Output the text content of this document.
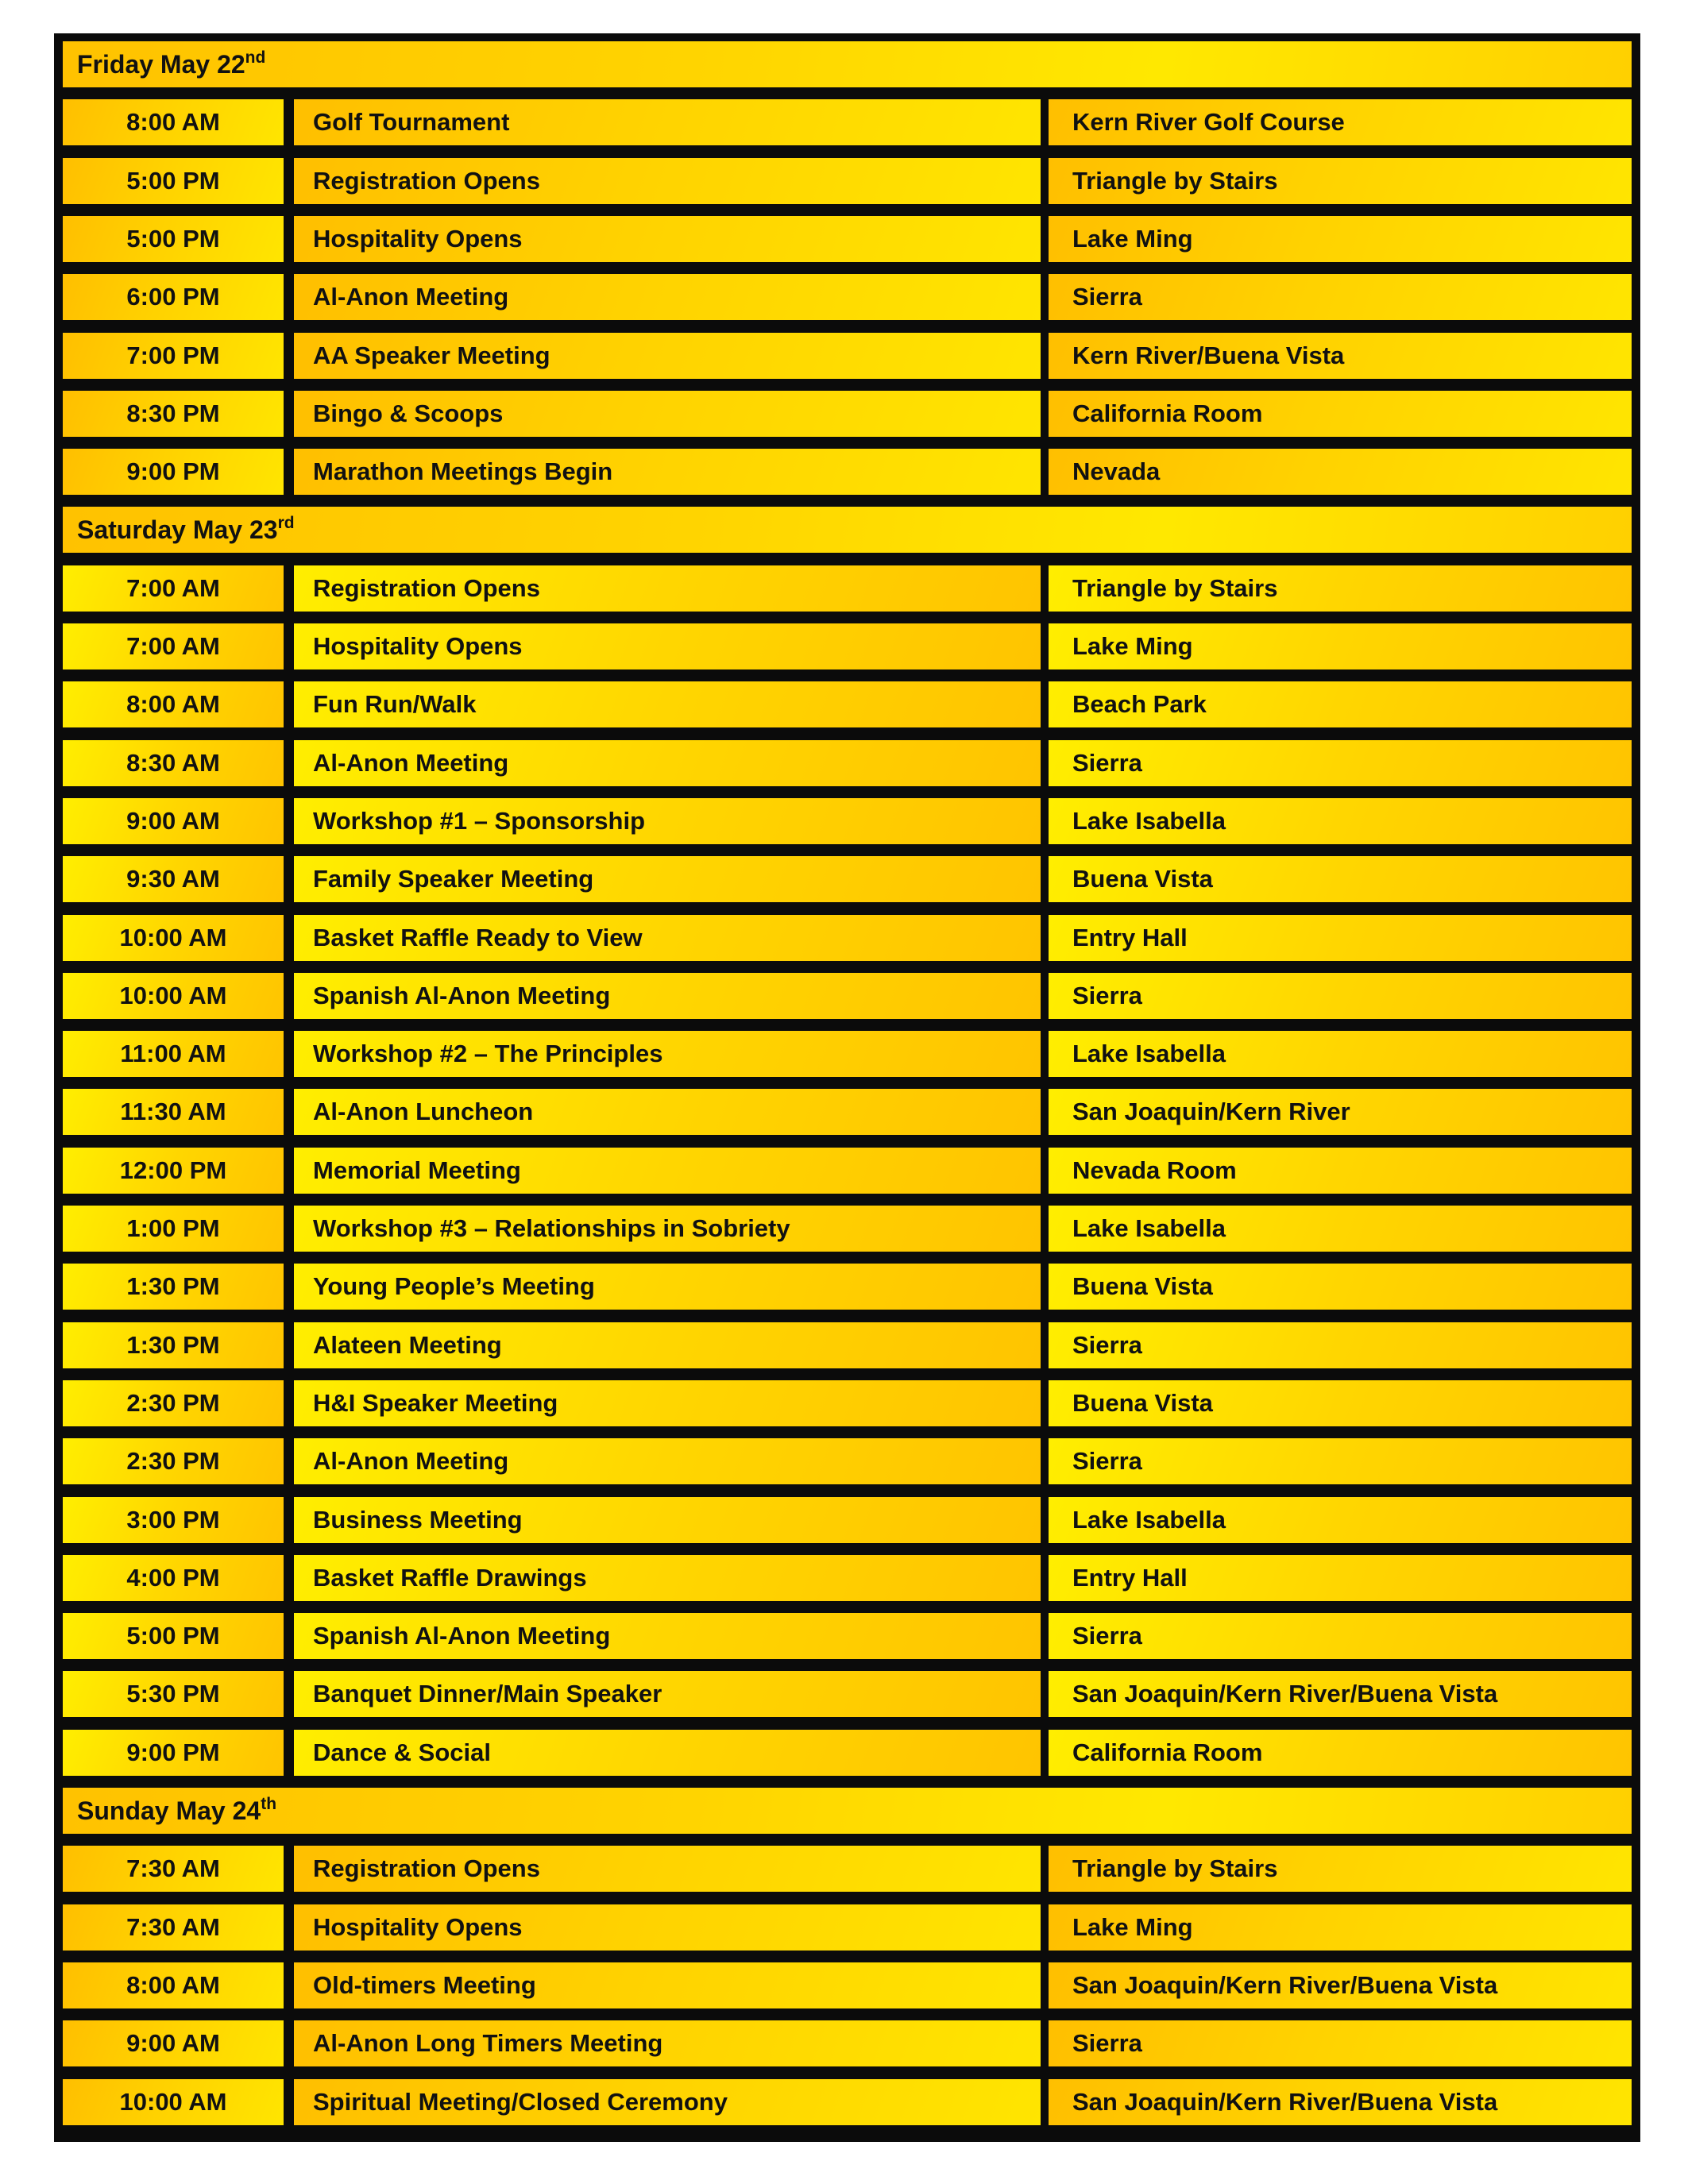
Friday May 22nd
8:00 AM	Golf Tournament	Kern River Golf Course
5:00 PM	Registration Opens	Triangle by Stairs
5:00 PM	Hospitality Opens	Lake Ming
6:00 PM	Al-Anon Meeting	Sierra
7:00 PM	AA Speaker Meeting	Kern River/Buena Vista
8:30 PM	Bingo & Scoops	California Room
9:00 PM	Marathon Meetings Begin	Nevada
Saturday May 23rd
7:00 AM	Registration Opens	Triangle by Stairs
7:00 AM	Hospitality Opens	Lake Ming
8:00 AM	Fun Run/Walk	Beach Park
8:30 AM	Al-Anon Meeting	Sierra
9:00 AM	Workshop #1 – Sponsorship	Lake Isabella
9:30 AM	Family Speaker Meeting	Buena Vista
10:00 AM	Basket Raffle Ready to View	Entry Hall
10:00 AM	Spanish Al-Anon Meeting	Sierra
11:00 AM	Workshop #2 – The Principles	Lake Isabella
11:30 AM	Al-Anon Luncheon	San Joaquin/Kern River
12:00 PM	Memorial Meeting	Nevada Room
1:00 PM	Workshop #3 – Relationships in Sobriety	Lake Isabella
1:30 PM	Young People’s Meeting	Buena Vista
1:30 PM	Alateen Meeting	Sierra
2:30 PM	H&I Speaker Meeting	Buena Vista
2:30 PM	Al-Anon Meeting	Sierra
3:00 PM	Business Meeting	Lake Isabella
4:00 PM	Basket Raffle Drawings	Entry Hall
5:00 PM	Spanish Al-Anon Meeting	Sierra
5:30 PM	Banquet Dinner/Main Speaker	San Joaquin/Kern River/Buena Vista
9:00 PM	Dance & Social	California Room
Sunday May 24th
7:30 AM	Registration Opens	Triangle by Stairs
7:30 AM	Hospitality Opens	Lake Ming
8:00 AM	Old-timers Meeting	San Joaquin/Kern River/Buena Vista
9:00 AM	Al-Anon Long Timers Meeting	Sierra
10:00 AM	Spiritual Meeting/Closed Ceremony	San Joaquin/Kern River/Buena Vista
